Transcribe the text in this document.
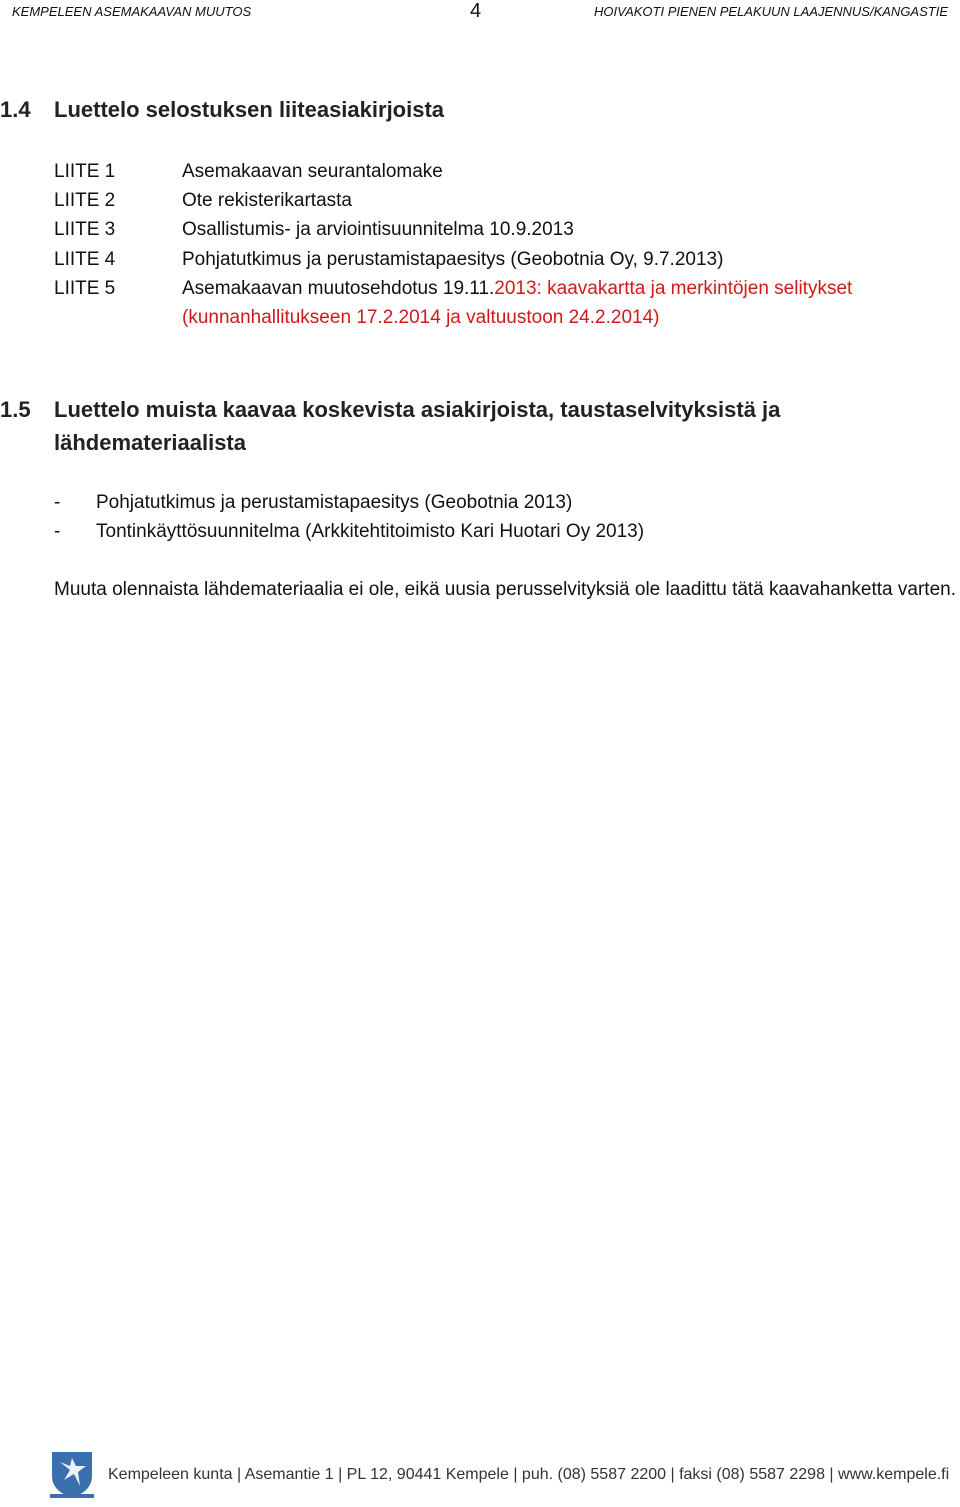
KEMPELEEN ASEMAKAAVAN MUUTOS	4	HOIVAKOTI PIENEN PELAKUUN LAAJENNUS/KANGASTIE
1.4 Luettelo selostuksen liiteasiakirjoista
LIITE 1	Asemakaavan seurantalomake
LIITE 2	Ote rekisterikartasta
LIITE 3	Osallistumis- ja arviointisuunnitelma 10.9.2013
LIITE 4	Pohjatutkimus ja perustamistapaesitys (Geobotnia Oy, 9.7.2013)
LIITE 5	Asemakaavan muutosehdotus 19.11.2013: kaavakartta ja merkintöjen selitykset
(kunnanhallitukseen 17.2.2014 ja valtuustoon 24.2.2014)
1.5 Luettelo muista kaavaa koskevista asiakirjoista, taustaselvityksistä ja lähdemateriaalista
- Pohjatutkimus ja perustamistapaesitys (Geobotnia 2013)
- Tontinkäyttösuunnitelma (Arkkitehtitoimisto Kari Huotari Oy 2013)
Muuta olennaista lähdemateriaalia ei ole, eikä uusia perusselvityksiä ole laadittu tätä kaavahanketta varten.
Kempeleen kunta | Asemantie 1 | PL 12, 90441 Kempele | puh. (08) 5587 2200 | faksi (08) 5587 2298 | www.kempele.fi
